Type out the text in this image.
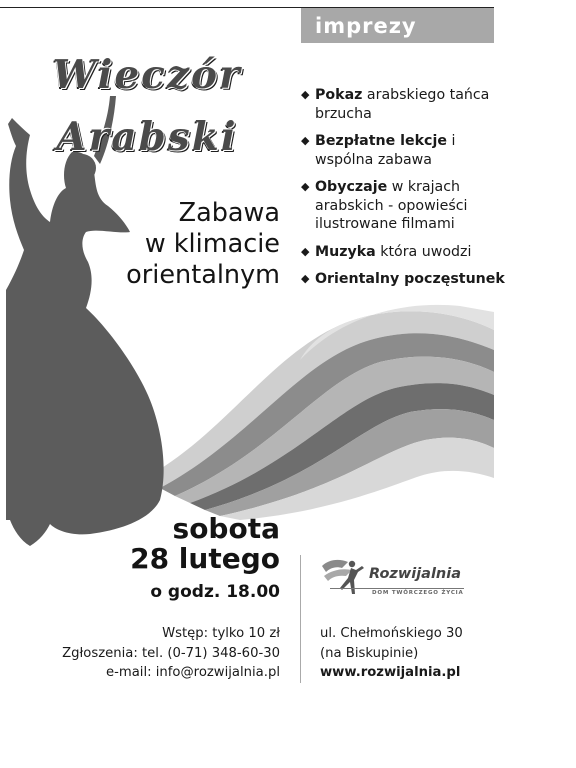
imprezy
Wieczór
Arabski
Zabawa
w klimacie
orientalnym
◆ Pokaz arabskiego tańca brzucha
◆ Bezpłatne lekcje i wspólna zabawa
◆ Obyczaje w krajach arabskich - opowieści ilustrowane filmami
◆ Muzyka która uwodzi
◆ Orientalny poczęstunek
sobota
28 lutego
o godz. 18.00
Wstęp: tylko 10 zł
Zgłoszenia: tel. (0-71) 348-60-30
e-mail: info@rozwijalnia.pl
Rozwijalnia
DOM TWÓRCZEGO ŻYCIA
ul. Chełmońskiego 30
(na Biskupinie)
www.rozwijalnia.pl
